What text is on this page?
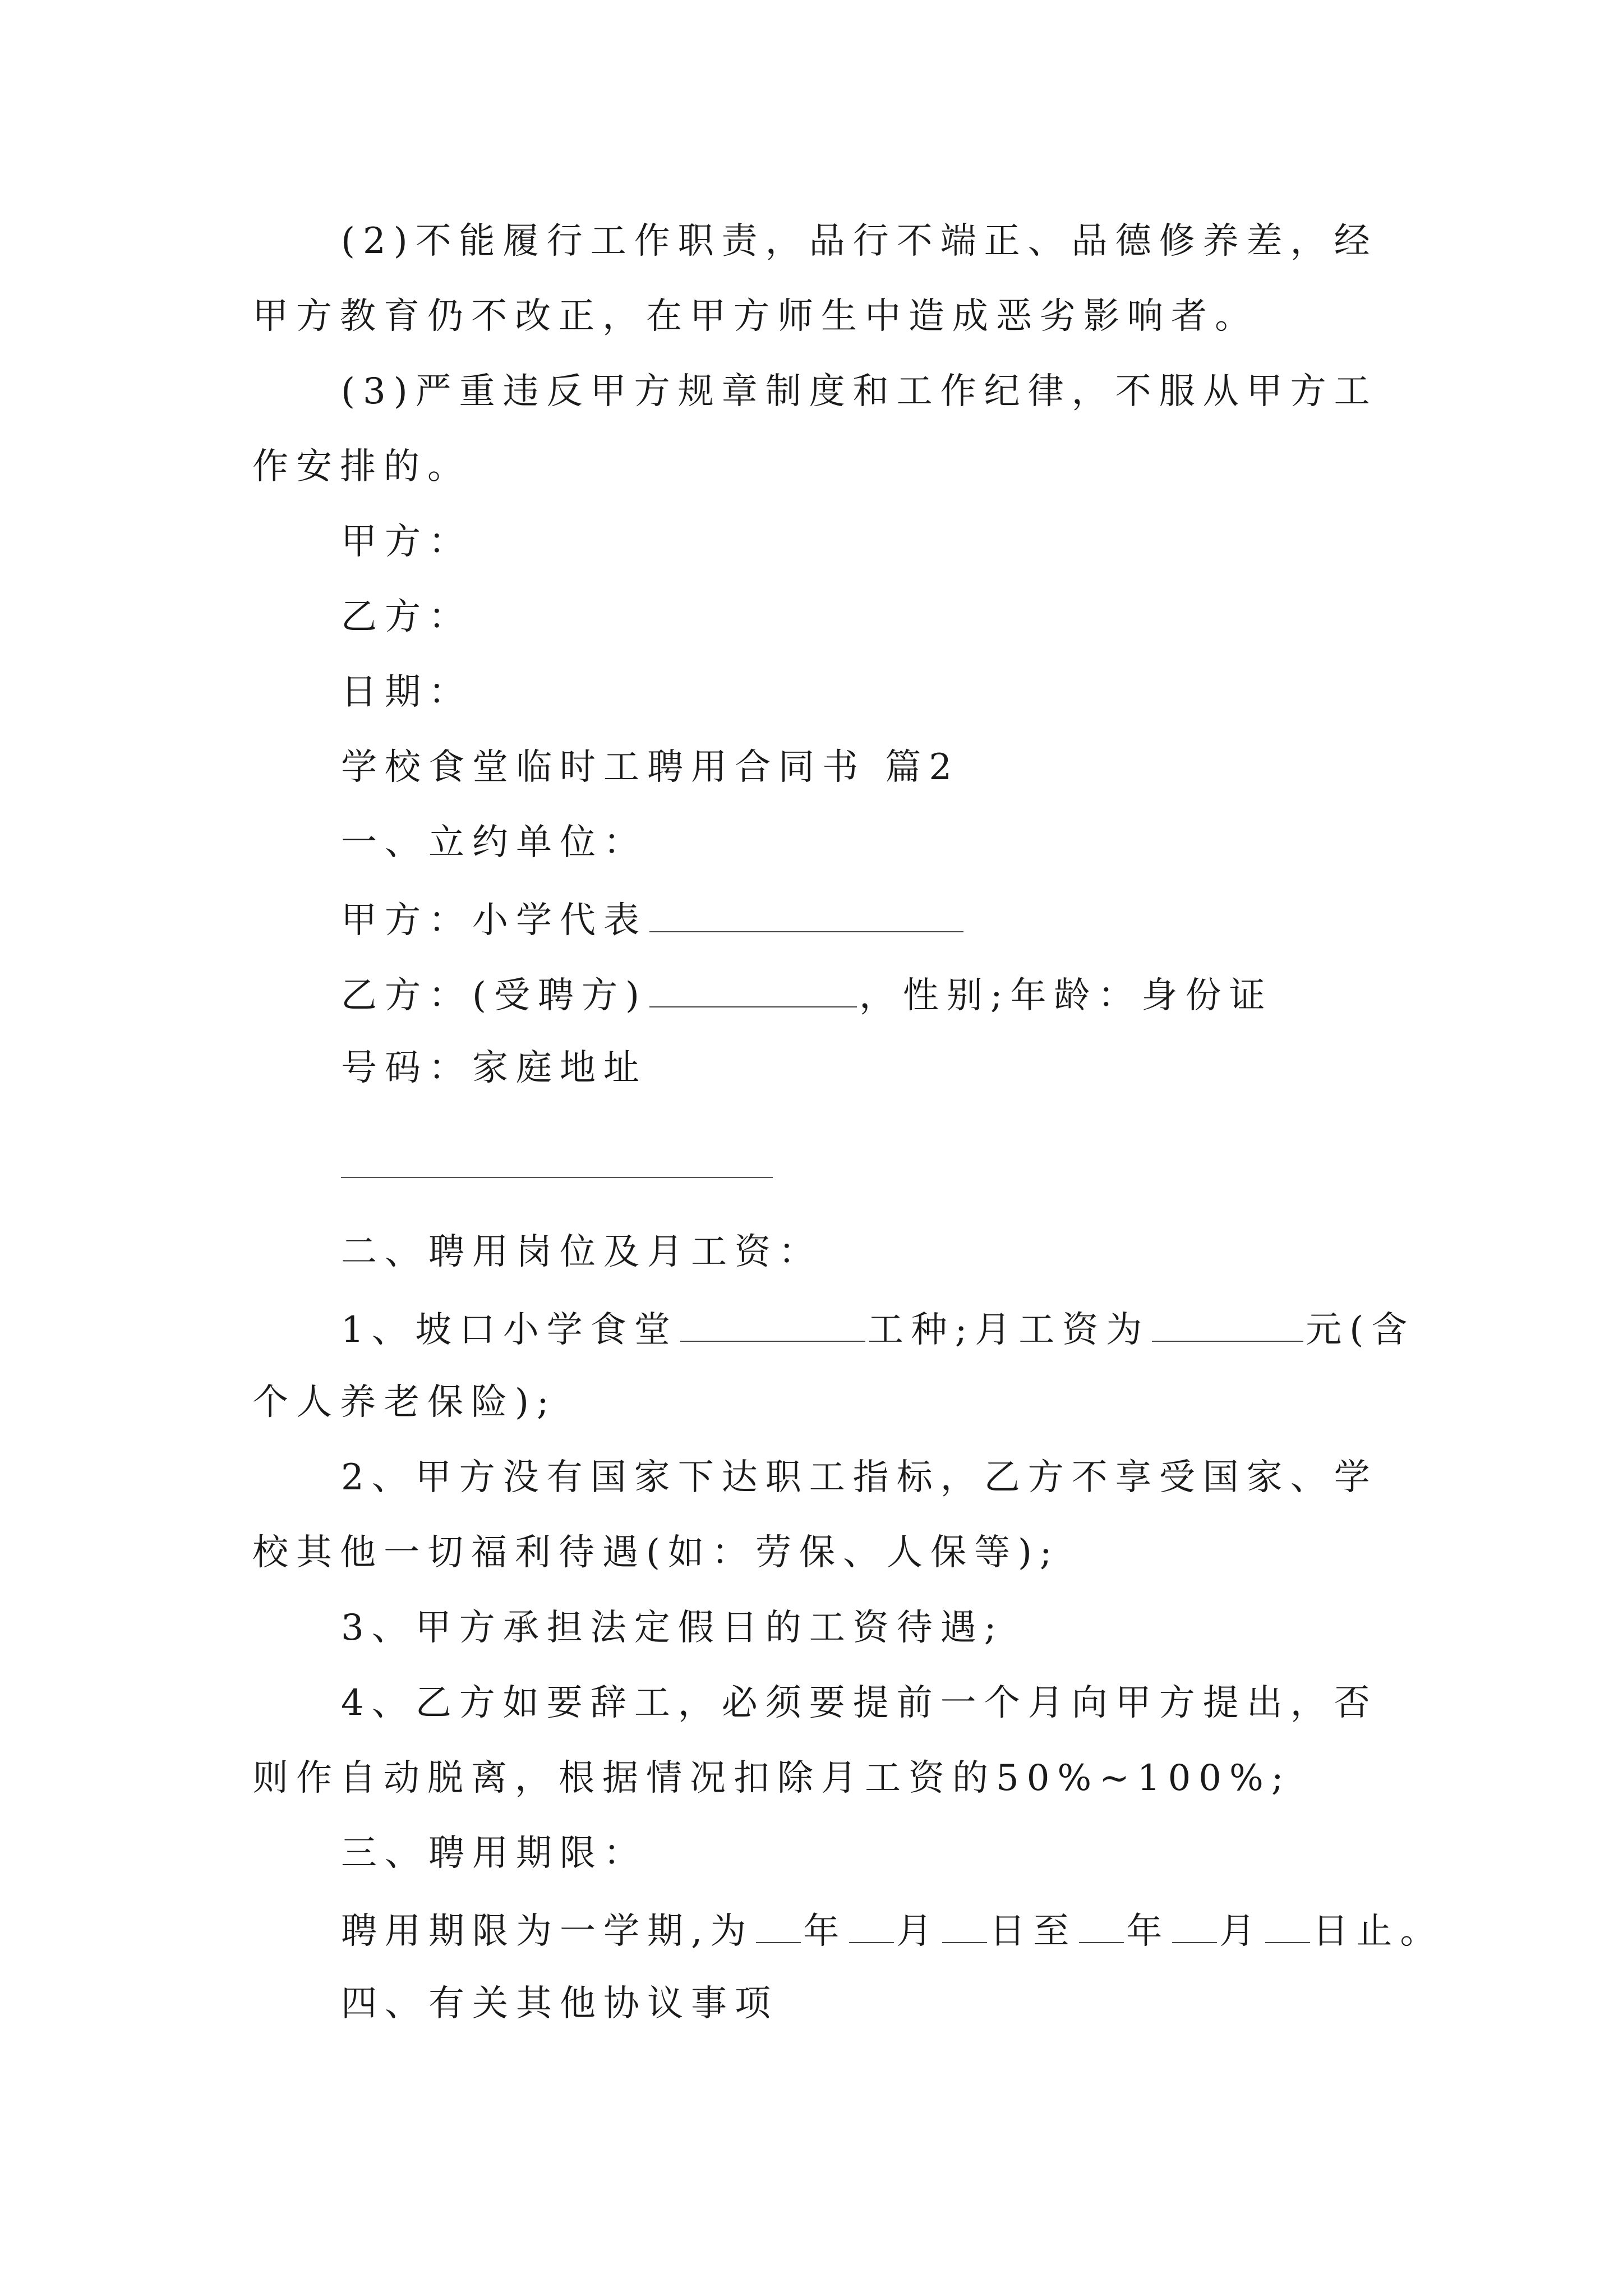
(2)不能履行工作职责，品行不端正、品德修养差，经
甲方教育仍不改正，在甲方师生中造成恶劣影响者。
(3)严重违反甲方规章制度和工作纪律，不服从甲方工
作安排的。
甲方：
乙方：
日期：
学校食堂临时工聘用合同书 篇2
一、立约单位：
甲方：小学代表
乙方：(受聘方)	，性别;年龄：身份证
号码：家庭地址
二、聘用岗位及月工资：
1、坡口小学食堂	工种;月工资为	元(含
个人养老保险);
2、甲方没有国家下达职工指标，乙方不享受国家、学
校其他一切福利待遇(如：劳保、人保等);
3、甲方承担法定假日的工资待遇;
4、乙方如要辞工，必须要提前一个月向甲方提出，否
则作自动脱离，根据情况扣除月工资的50%~100%;
三、聘用期限：
聘用期限为一学期,为 年 月 日至 年 月 日止。
四、有关其他协议事项
